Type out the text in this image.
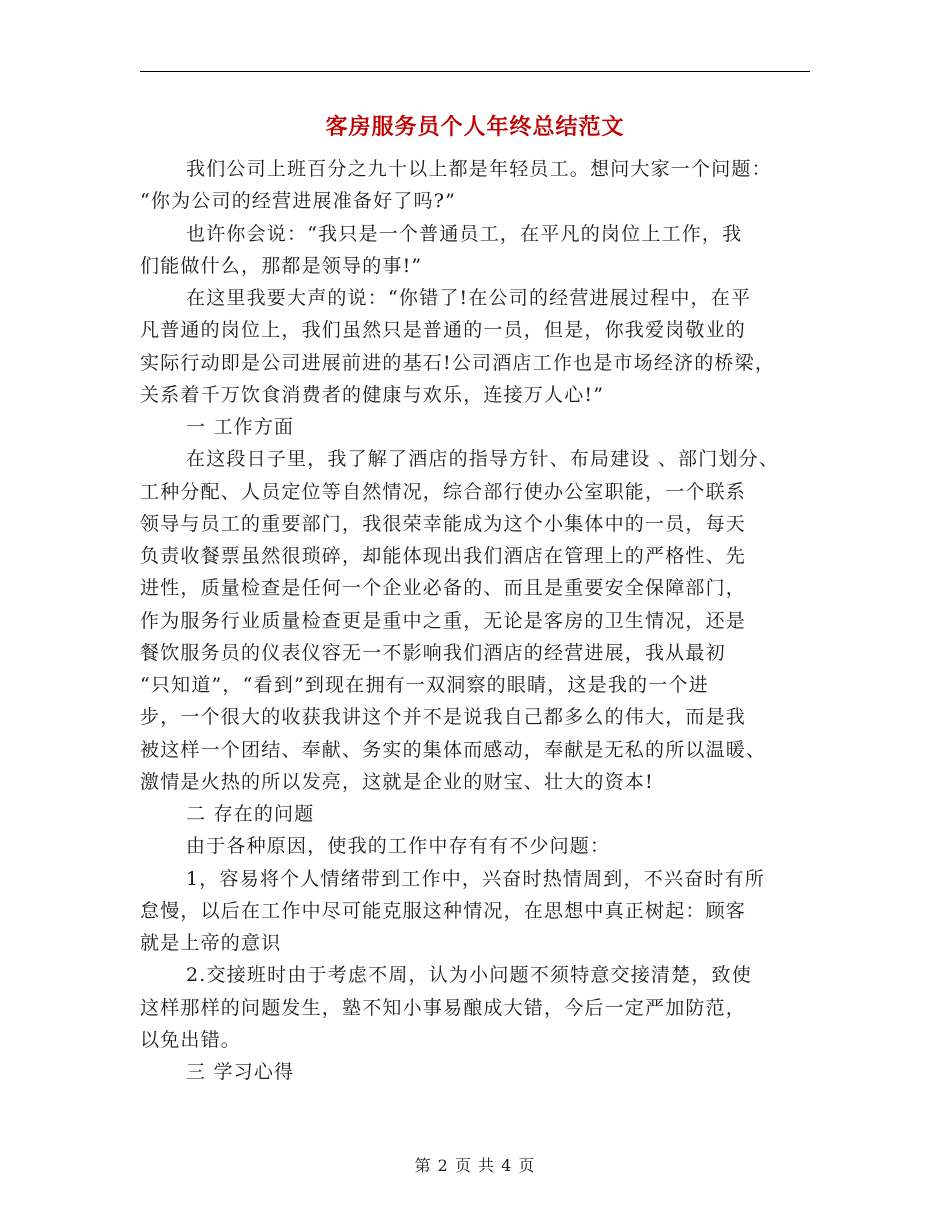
客房服务员个人年终总结范文
我们公司上班百分之九十以上都是年轻员工。想问大家一个问题：
“你为公司的经营进展准备好了吗?”
也许你会说：“我只是一个普通员工，在平凡的岗位上工作，我
们能做什么，那都是领导的事!”
在这里我要大声的说：“你错了!在公司的经营进展过程中，在平
凡普通的岗位上，我们虽然只是普通的一员，但是，你我爱岗敬业的
实际行动即是公司进展前进的基石!公司酒店工作也是市场经济的桥梁，
关系着千万饮食消费者的健康与欢乐，连接万人心!”
一 工作方面
在这段日子里，我了解了酒店的指导方针、布局建设 、部门划分、
工种分配、人员定位等自然情况，综合部行使办公室职能，一个联系
领导与员工的重要部门，我很荣幸能成为这个小集体中的一员，每天
负责收餐票虽然很琐碎，却能体现出我们酒店在管理上的严格性、先
进性，质量检查是任何一个企业必备的、而且是重要安全保障部门，
作为服务行业质量检查更是重中之重，无论是客房的卫生情况，还是
餐饮服务员的仪表仪容无一不影响我们酒店的经营进展，我从最初
“只知道”，“看到”到现在拥有一双洞察的眼睛，这是我的一个进
步，一个很大的收获我讲这个并不是说我自己都多么的伟大，而是我
被这样一个团结、奉献、务实的集体而感动，奉献是无私的所以温暖、
激情是火热的所以发亮，这就是企业的财宝、壮大的资本!
二 存在的问题
由于各种原因，使我的工作中存有有不少问题：
1，容易将个人情绪带到工作中，兴奋时热情周到，不兴奋时有所
怠慢，以后在工作中尽可能克服这种情况，在思想中真正树起：顾客
就是上帝的意识
2.交接班时由于考虑不周，认为小问题不须特意交接清楚，致使
这样那样的问题发生，塾不知小事易酿成大错，今后一定严加防范，
以免出错。
三 学习心得
第 2 页 共 4 页
